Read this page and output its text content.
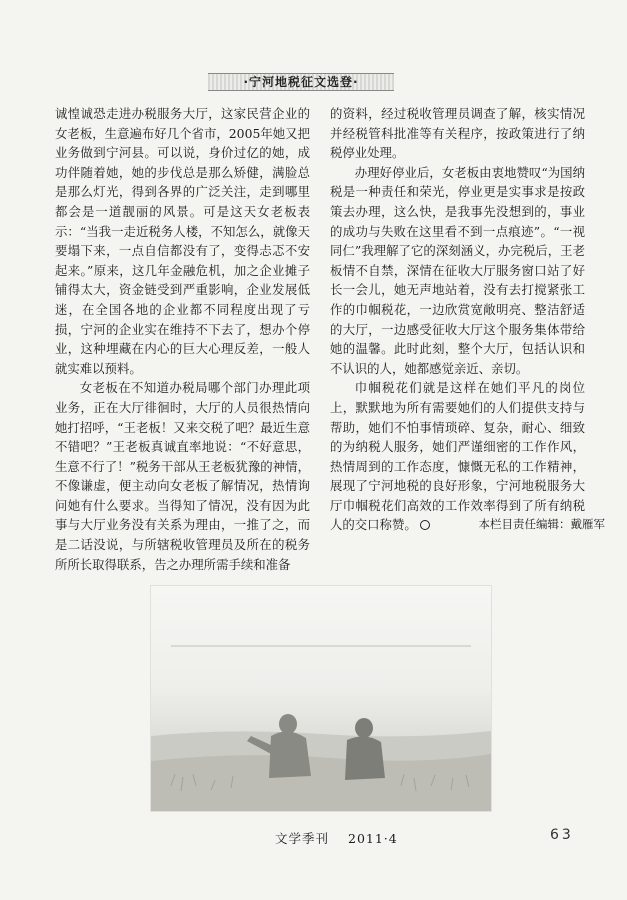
·宁河地税征文选登·

诚惶诚恐走进办税服务大厅，这家民营企业的女老板，生意遍布好几个省市，2005年她又把业务做到宁河县。可以说，身价过亿的她，成功伴随着她，她的步伐总是那么矫健，满脸总是那么灯光，得到各界的广泛关注，走到哪里都会是一道靓丽的风景。可是这天女老板表示：“当我一走近税务人楼，不知怎么，就像天要塌下来，一点自信都没有了，变得忐忑不安起来。”原来，这几年金融危机，加之企业摊子铺得太大，资金链受到严重影响，企业发展低迷，在全国各地的企业都不同程度出现了亏损，宁河的企业实在维持不下去了，想办个停业，这种埋藏在内心的巨大心理反差，一般人就实难以预料。

女老板在不知道办税局哪个部门办理此项业务，正在大厅徘徊时，大厅的人员很热情向她打招呼，“王老板！又来交税了吧？最近生意不错吧？”王老板真诚直率地说：“不好意思，生意不行了！”税务干部从王老板犹豫的神情，不像谦虚，便主动向女老板了解情况，热情询问她有什么要求。当得知了情况，没有因为此事与大厅业务没有关系为理由，一推了之，而是二话没说，与所辖税收管理员及所在的税务所所长取得联系，告之办理所需手续和准备

的资料，经过税收管理员调查了解，核实情况并经税管科批准等有关程序，按政策进行了纳税停业处理。

办理好停业后，女老板由衷地赞叹“为国纳税是一种责任和荣光，停业更是实事求是按政策去办理，这么快，是我事先没想到的，事业的成功与失败在这里看不到一点痕迹”。“一视同仁”我理解了它的深刻涵义，办完税后，王老板情不自禁，深情在征收大厅服务窗口站了好长一会儿，她无声地站着，没有去打搅紧张工作的巾帼税花，一边欣赏宽敞明亮、整洁舒适的大厅，一边感受征收大厅这个服务集体带给她的温馨。此时此刻，整个大厅，包括认识和不认识的人，她都感觉亲近、亲切。

巾帼税花们就是这样在她们平凡的岗位上，默默地为所有需要她们的人们提供支持与帮助，她们不怕事情琐碎、复杂，耐心、细致的为纳税人服务，她们严谨细密的工作作风，热情周到的工作态度，慷慨无私的工作精神，展现了宁河地税的良好形象，宁河地税服务大厅巾帼税花们高效的工作效率得到了所有纳税人的交口称赞。	本栏目责任编辑：戴雁军
文学季刊 2011·4	63
